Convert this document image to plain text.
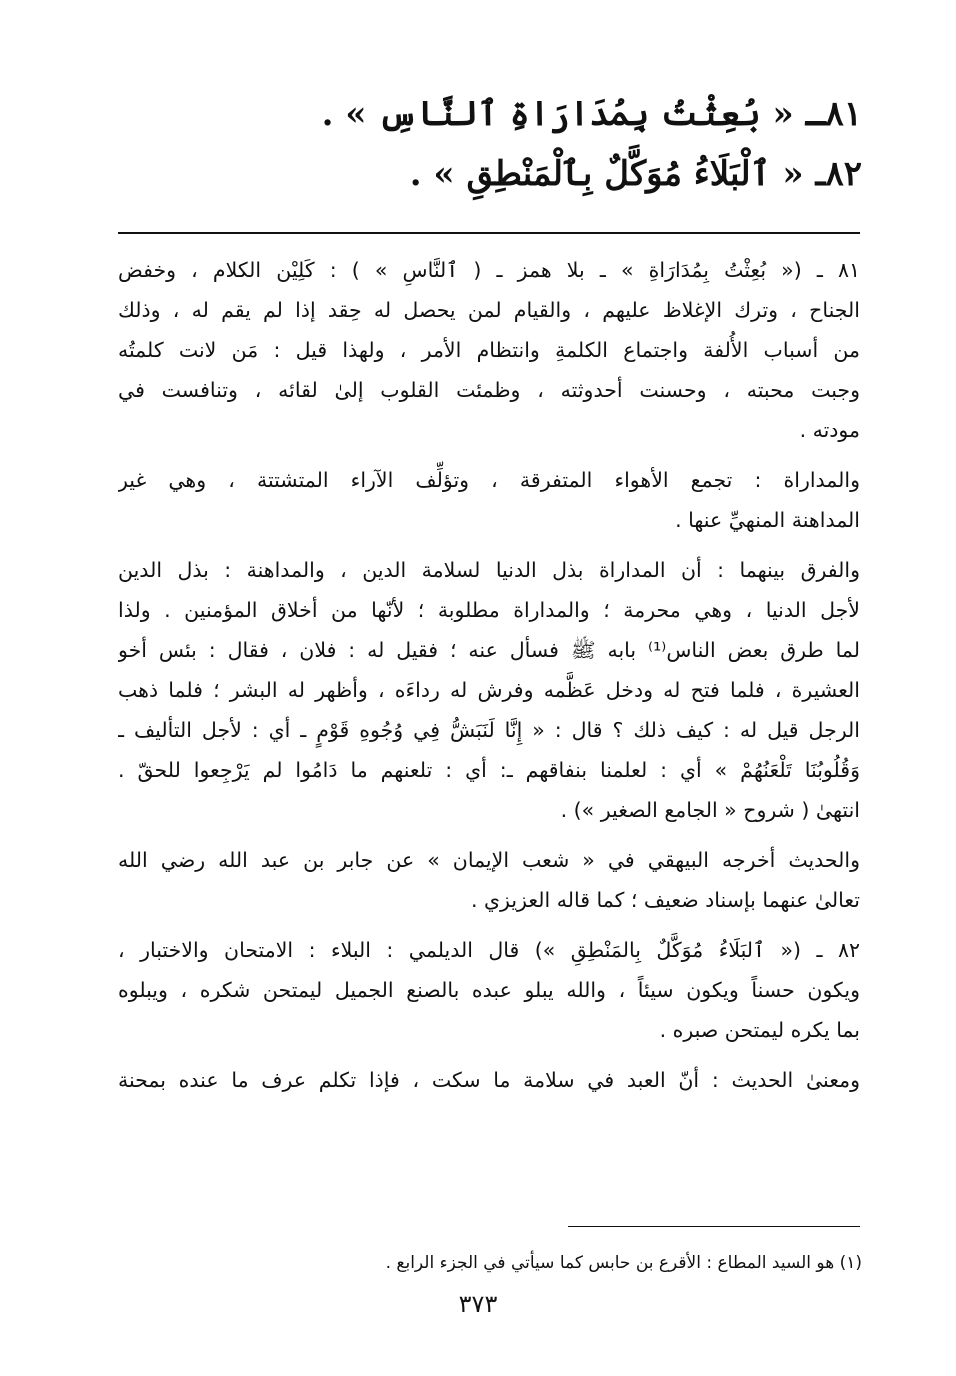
٨١ـ « بُعِثْتُ بِمُدَارَاةِ ٱلنَّاسِ » .
٨٢ـ « ٱلْبَلَاءُ مُوَكَّلٌ بِٱلْمَنْطِقِ » .
٨١ ـ (« بُعِثْتُ بِمُدَارَاةِ » ـ بلا همز ـ ( ٱلنَّاسِ » ) : كَلِيْن الكلام ، وخفض
الجناح ، وترك الإغلاظ عليهم ، والقيام لمن يحصل له حِقد إذا لم يقم له ، وذلك
من أسباب الأُلفة واجتماع الكلمةِ وانتظام الأمر ، ولهذا قيل : مَن لانت كلمتُه
وجبت محبته ، وحسنت أحدوثته ، وظمئت القلوب إلىٰ لقائه ، وتنافست في
مودته .
والمداراة : تجمع الأهواء المتفرقة ، وتؤلِّف الآراء المتشتتة ، وهي غير
المداهنة المنهيِّ عنها .
والفرق بينهما : أن المداراة بذل الدنيا لسلامة الدين ، والمداهنة : بذل الدين
لأجل الدنيا ، وهي محرمة ؛ والمداراة مطلوبة ؛ لأنّها من أخلاق المؤمنين . ولذا
لما طرق بعض الناس⁽¹⁾ بابه ﷺ فسأل عنه ؛ فقيل له : فلان ، فقال : بئس أخو
العشيرة ، فلما فتح له ودخل عَظَّمه وفرش له رداءَه ، وأظهر له البشر ؛ فلما ذهب
الرجل قيل له : كيف ذلك ؟ قال : « إِنَّا لَنَبَشُّ فِي وُجُوهِ قَوْمٍ ـ أي : لأجل التأليف ـ
وَقُلُوبُنَا تَلْعَنُهُمْ » أي : لعلمنا بنفاقهم ـ: أي : تلعنهم ما دَامُوا لم يَرْجِعوا للحقّ .
انتهىٰ ( شروح « الجامع الصغير ») .
والحديث أخرجه البيهقي في « شعب الإيمان » عن جابر بن عبد الله رضي الله
تعالىٰ عنهما بإسناد ضعيف ؛ كما قاله العزيزي .
٨٢ ـ (« ٱلبَلَاءُ مُوَكَّلٌ بِالمَنْطِقِ ») قال الديلمي : البلاء : الامتحان والاختبار ،
ويكون حسناً ويكون سيئاً ، والله يبلو عبده بالصنع الجميل ليمتحن شكره ، ويبلوه
بما يكره ليمتحن صبره .
ومعنىٰ الحديث : أنّ العبد في سلامة ما سكت ، فإذا تكلم عرف ما عنده بمحنة
(١) هو السيد المطاع : الأقرع بن حابس كما سيأتي في الجزء الرابع .
٣٧٣
